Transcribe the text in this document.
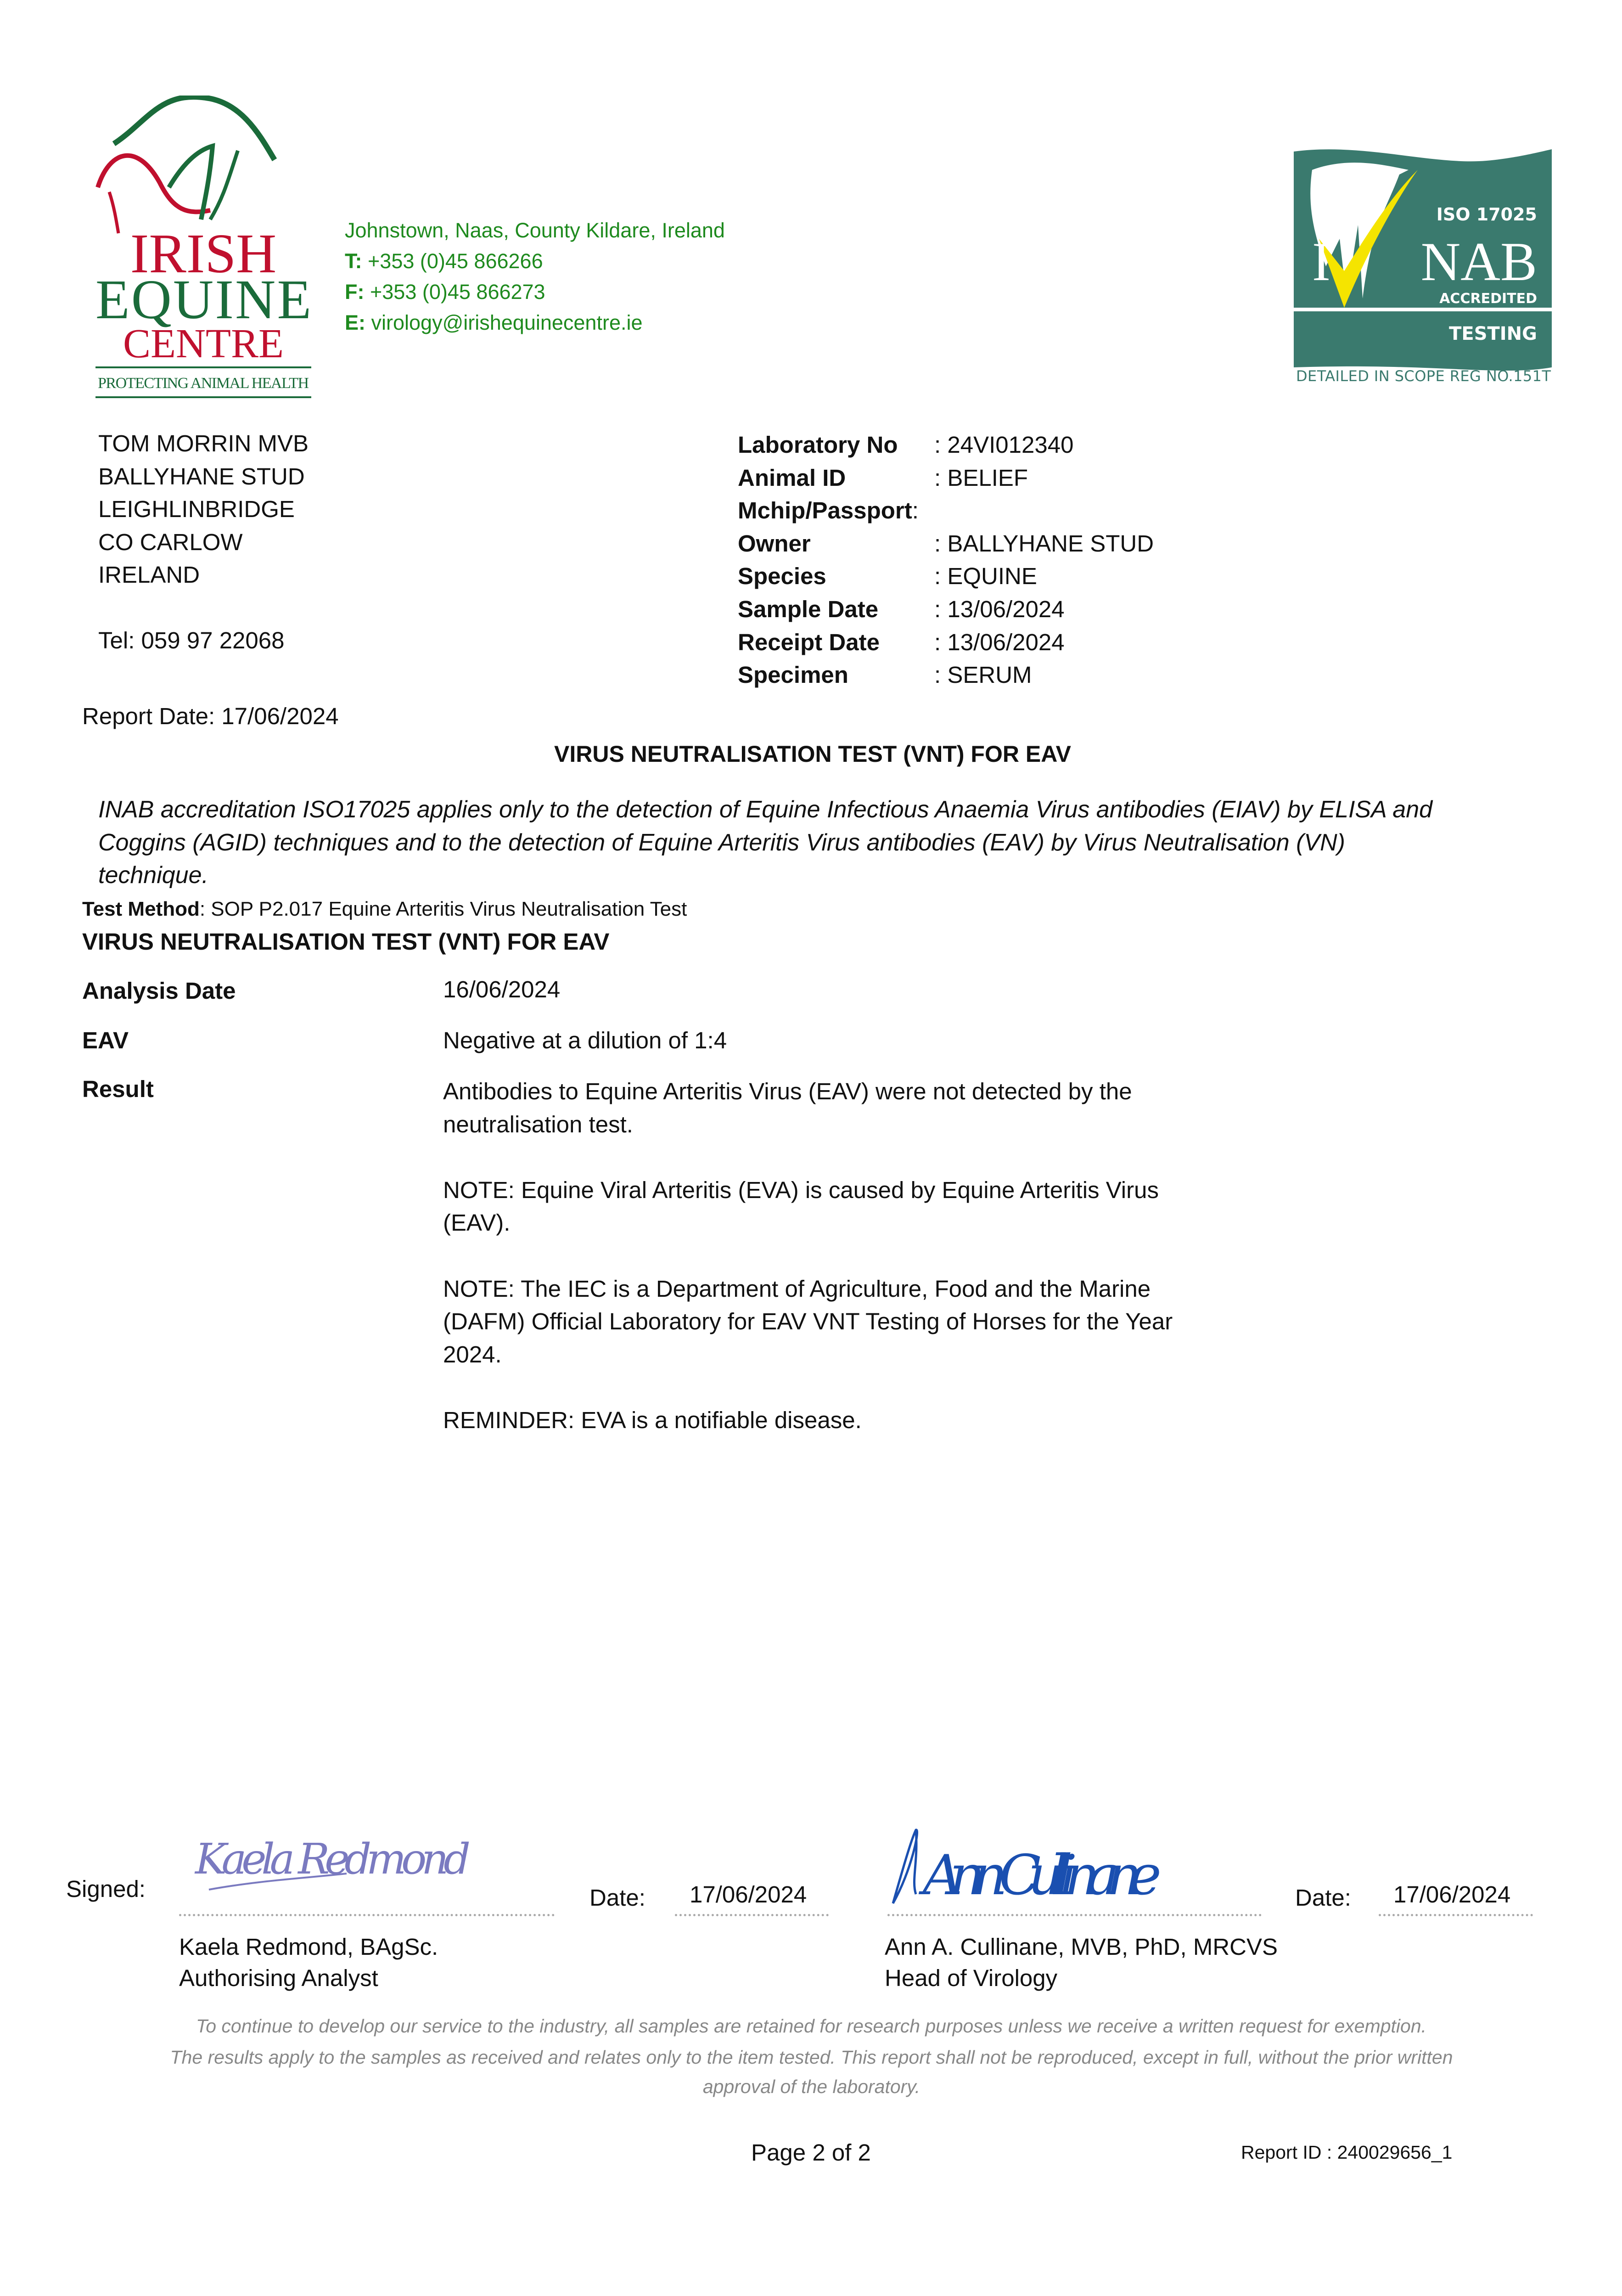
IRISH
EQUINE
CENTRE
PROTECTING ANIMAL HEALTH
Johnstown, Naas, County Kildare, Ireland
T: +353 (0)45 866266
F: +353 (0)45 866273
E: virology@irishequinecentre.ie
ISO 17025
I NAB
ACCREDITED
TESTING
DETAILED IN SCOPE REG NO.151T
TOM MORRIN MVB
BALLYHANE STUD
LEIGHLINBRIDGE
CO CARLOW
IRELAND
Tel: 059 97 22068
Laboratory No : 24VI012340
Animal ID	: BELIEF
Mchip/Passport:
Owner	: BALLYHANE STUD
Species	: EQUINE
Sample Date : 13/06/2024
Receipt Date : 13/06/2024
Specimen	: SERUM
Report Date: 17/06/2024
VIRUS NEUTRALISATION TEST (VNT) FOR EAV
INAB accreditation ISO17025 applies only to the detection of Equine Infectious Anaemia Virus antibodies (EIAV) by ELISA and Coggins (AGID) techniques and to the detection of Equine Arteritis Virus antibodies (EAV) by Virus Neutralisation (VN) technique.
Test Method: SOP P2.017 Equine Arteritis Virus Neutralisation Test
VIRUS NEUTRALISATION TEST (VNT) FOR EAV
Analysis Date	16/06/2024
EAV	Negative at a dilution of 1:4
Result	Antibodies to Equine Arteritis Virus (EAV) were not detected by the
neutralisation test.
NOTE: Equine Viral Arteritis (EVA) is caused by Equine Arteritis Virus
(EAV).
NOTE: The IEC is a Department of Agriculture, Food and the Marine
(DAFM) Official Laboratory for EAV VNT Testing of Horses for the Year
2024.
REMINDER: EVA is a notifiable disease.
Signed:
Kaela Redmond
Date: 17/06/2024 Ann Cullinane	Date: 17/06/2024
Kaela Redmond, BAgSc.
Authorising Analyst
Ann A. Cullinane, MVB, PhD, MRCVS
Head of Virology
To continue to develop our service to the industry, all samples are retained for research purposes unless we receive a written request for exemption.
The results apply to the samples as received and relates only to the item tested. This report shall not be reproduced, except in full, without the prior written approval of the laboratory.
Page 2 of 2	Report ID : 240029656_1
